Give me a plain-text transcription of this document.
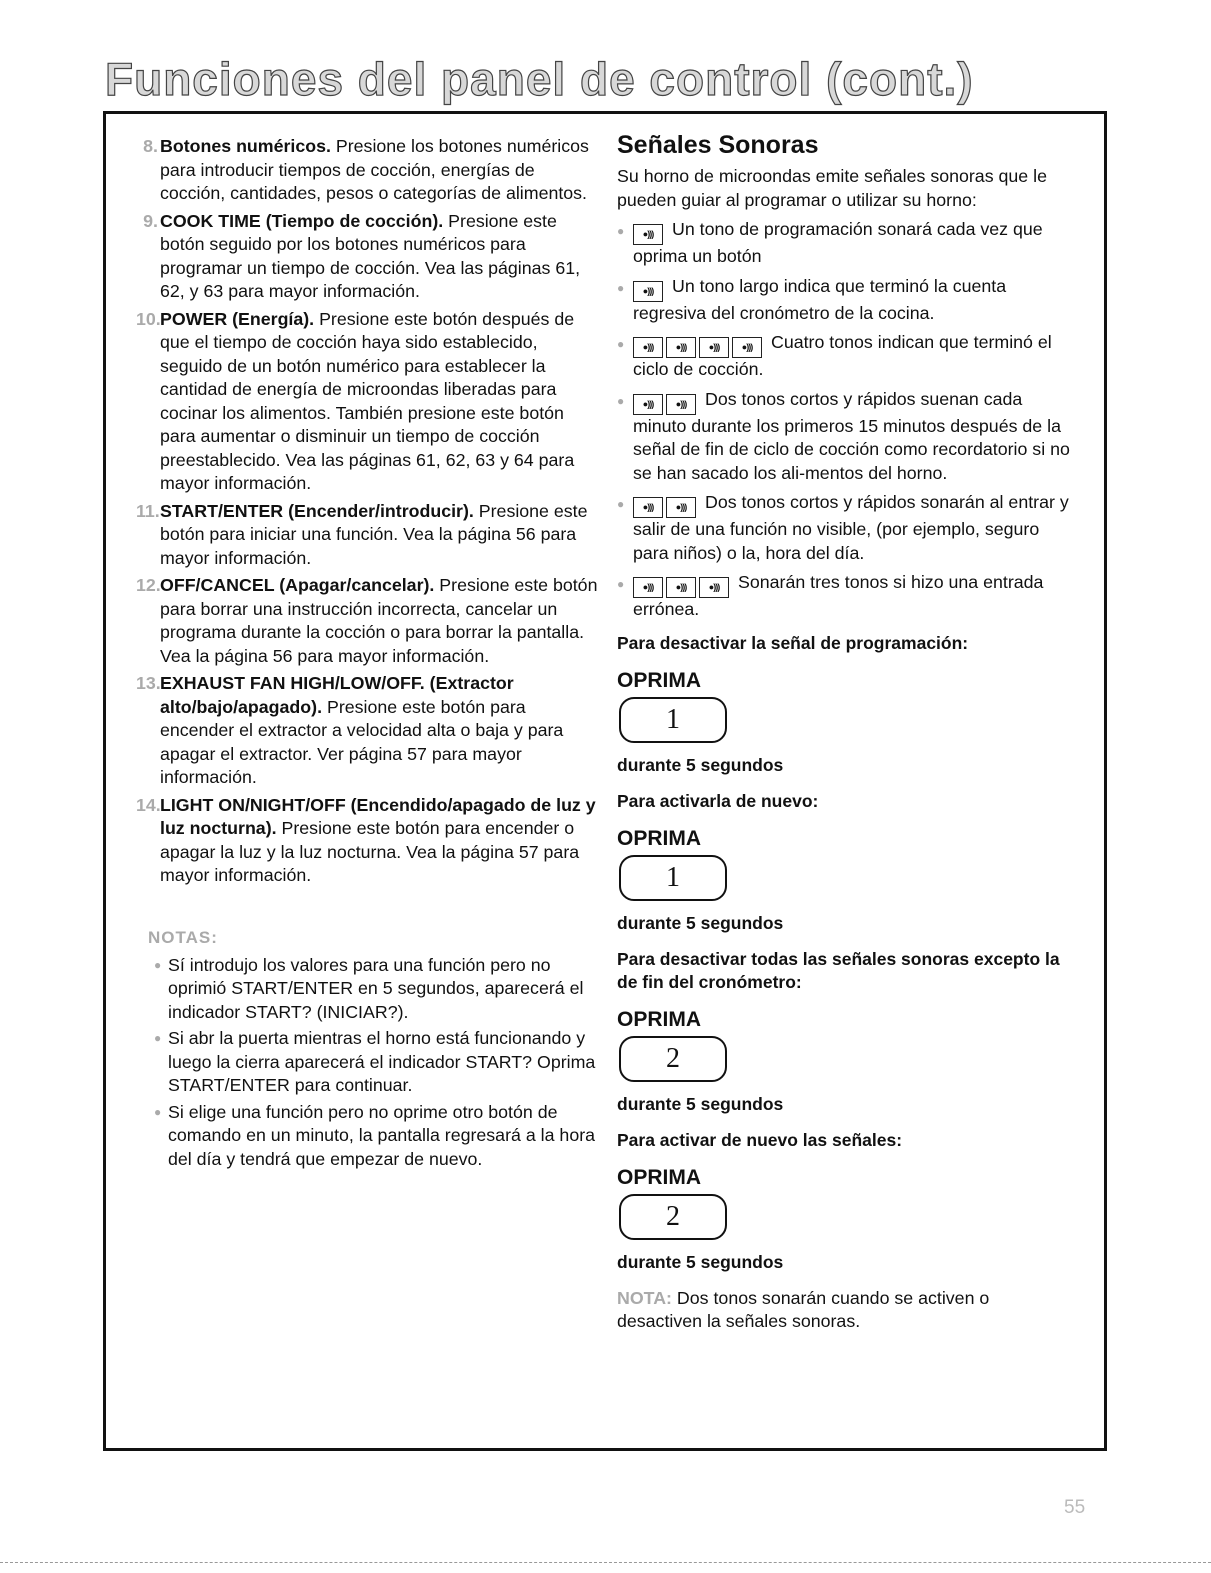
Funciones del panel de control (cont.)
8. Botones numéricos. Presione los botones numéricos para introducir tiempos de cocción, energías de cocción, cantidades, pesos o categorías de alimentos.
9. COOK TIME (Tiempo de cocción). Presione este botón seguido por los botones numéricos para programar un tiempo de cocción. Vea las páginas 61, 62, y 63 para mayor información.
10. POWER (Energía). Presione este botón después de que el tiempo de cocción haya sido establecido, seguido de un botón numérico para establecer la cantidad de energía de microondas liberadas para cocinar los alimentos. También presione este botón para aumentar o disminuir un tiempo de cocción preestablecido. Vea las páginas 61, 62, 63 y 64 para mayor información.
11. START/ENTER (Encender/introducir). Presione este botón para iniciar una función. Vea la página 56 para mayor información.
12. OFF/CANCEL (Apagar/cancelar). Presione este botón para borrar una instrucción incorrecta, cancelar un programa durante la cocción o para borrar la pantalla. Vea la página 56 para mayor información.
13. EXHAUST FAN HIGH/LOW/OFF. (Extractor alto/bajo/apagado). Presione este botón para encender el extractor a velocidad alta o baja y para apagar el extractor. Ver página 57 para mayor información.
14. LIGHT ON/NIGHT/OFF (Encendido/apagado de luz y luz nocturna). Presione este botón para encender o apagar la luz y la luz nocturna. Vea la página 57 para mayor información.
NOTAS:
● Sí introdujo los valores para una función pero no oprimió START/ENTER en 5 segundos, aparecerá el indicador START? (INICIAR?).
● Si abr la puerta mientras el horno está funcionando y luego la cierra aparecerá el indicador START? Oprima START/ENTER para continuar.
● Si elige una función pero no oprime otro botón de comando en un minuto, la pantalla regresará a la hora del día y tendrá que empezar de nuevo.
Señales Sonoras
Su horno de microondas emite señales sonoras que le pueden guiar al programar o utilizar su horno:
● ●)))	Un tono de programación sonará cada vez que oprima un botón
● ●)))	Un tono largo indica que terminó la cuenta regresiva del cronómetro de la cocina.
● ●))) ●))) ●))) ●)))	Cuatro tonos indican que terminó el ciclo de cocción.
● ●))) ●)))	Dos tonos cortos y rápidos suenan cada minuto durante los primeros 15 minutos después de la señal de fin de ciclo de cocción como recordatorio si no se han sacado los ali-mentos del horno.
● ●))) ●)))	Dos tonos cortos y rápidos sonarán al entrar y salir de una función no visible, (por ejemplo, seguro para niños) o la, hora del día.
● ●))) ●))) ●)))	Sonarán tres tonos si hizo una entrada errónea.
Para desactivar la señal de programación:
OPRIMA
1
durante 5 segundos
Para activarla de nuevo:
OPRIMA
1
durante 5 segundos
Para desactivar todas las señales sonoras excepto la de fin del cronómetro:
OPRIMA
2
durante 5 segundos
Para activar de nuevo las señales:
OPRIMA
2
durante 5 segundos
NOTA: Dos tonos sonarán cuando se activen o desactiven la señales sonoras.
55
